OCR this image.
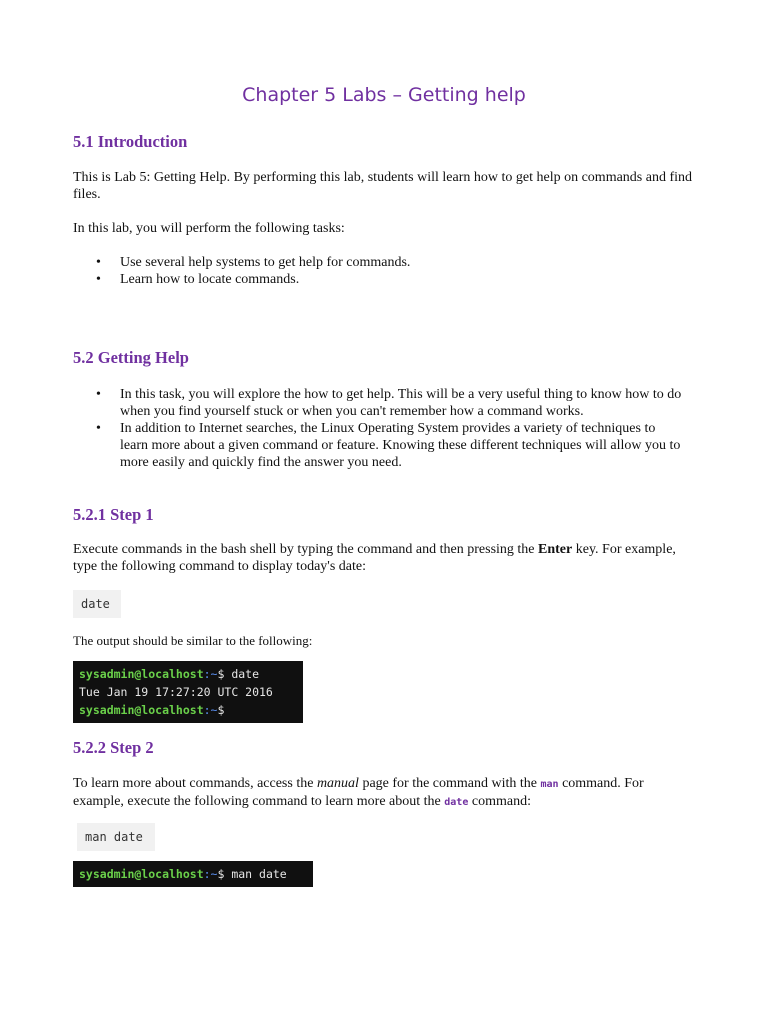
Chapter 5 Labs – Getting help
5.1 Introduction

This is Lab 5: Getting Help. By performing this lab, students will learn how to get help on commands and find files.

In this lab, you will perform the following tasks:

• Use several help systems to get help for commands.
• Learn how to locate commands.
5.2 Getting Help
• In this task, you will explore the how to get help. This will be a very useful thing to know how to do when you find yourself stuck or when you can't remember how a command works.
• In addition to Internet searches, the Linux Operating System provides a variety of techniques to learn more about a given command or feature. Knowing these different techniques will allow you to more easily and quickly find the answer you need.
5.2.1 Step 1

Execute commands in the bash shell by typing the command and then pressing the Enter key. For example, type the following command to display today's date:

date

The output should be similar to the following:

sysadmin@localhost:~$ date
Tue Jan 19 17:27:20 UTC 2016
sysadmin@localhost:~$
5.2.2 Step 2

To learn more about commands, access the manual page for the command with the man command. For example, execute the following command to learn more about the date command:

man date
sysadmin@localhost:~$ man date
